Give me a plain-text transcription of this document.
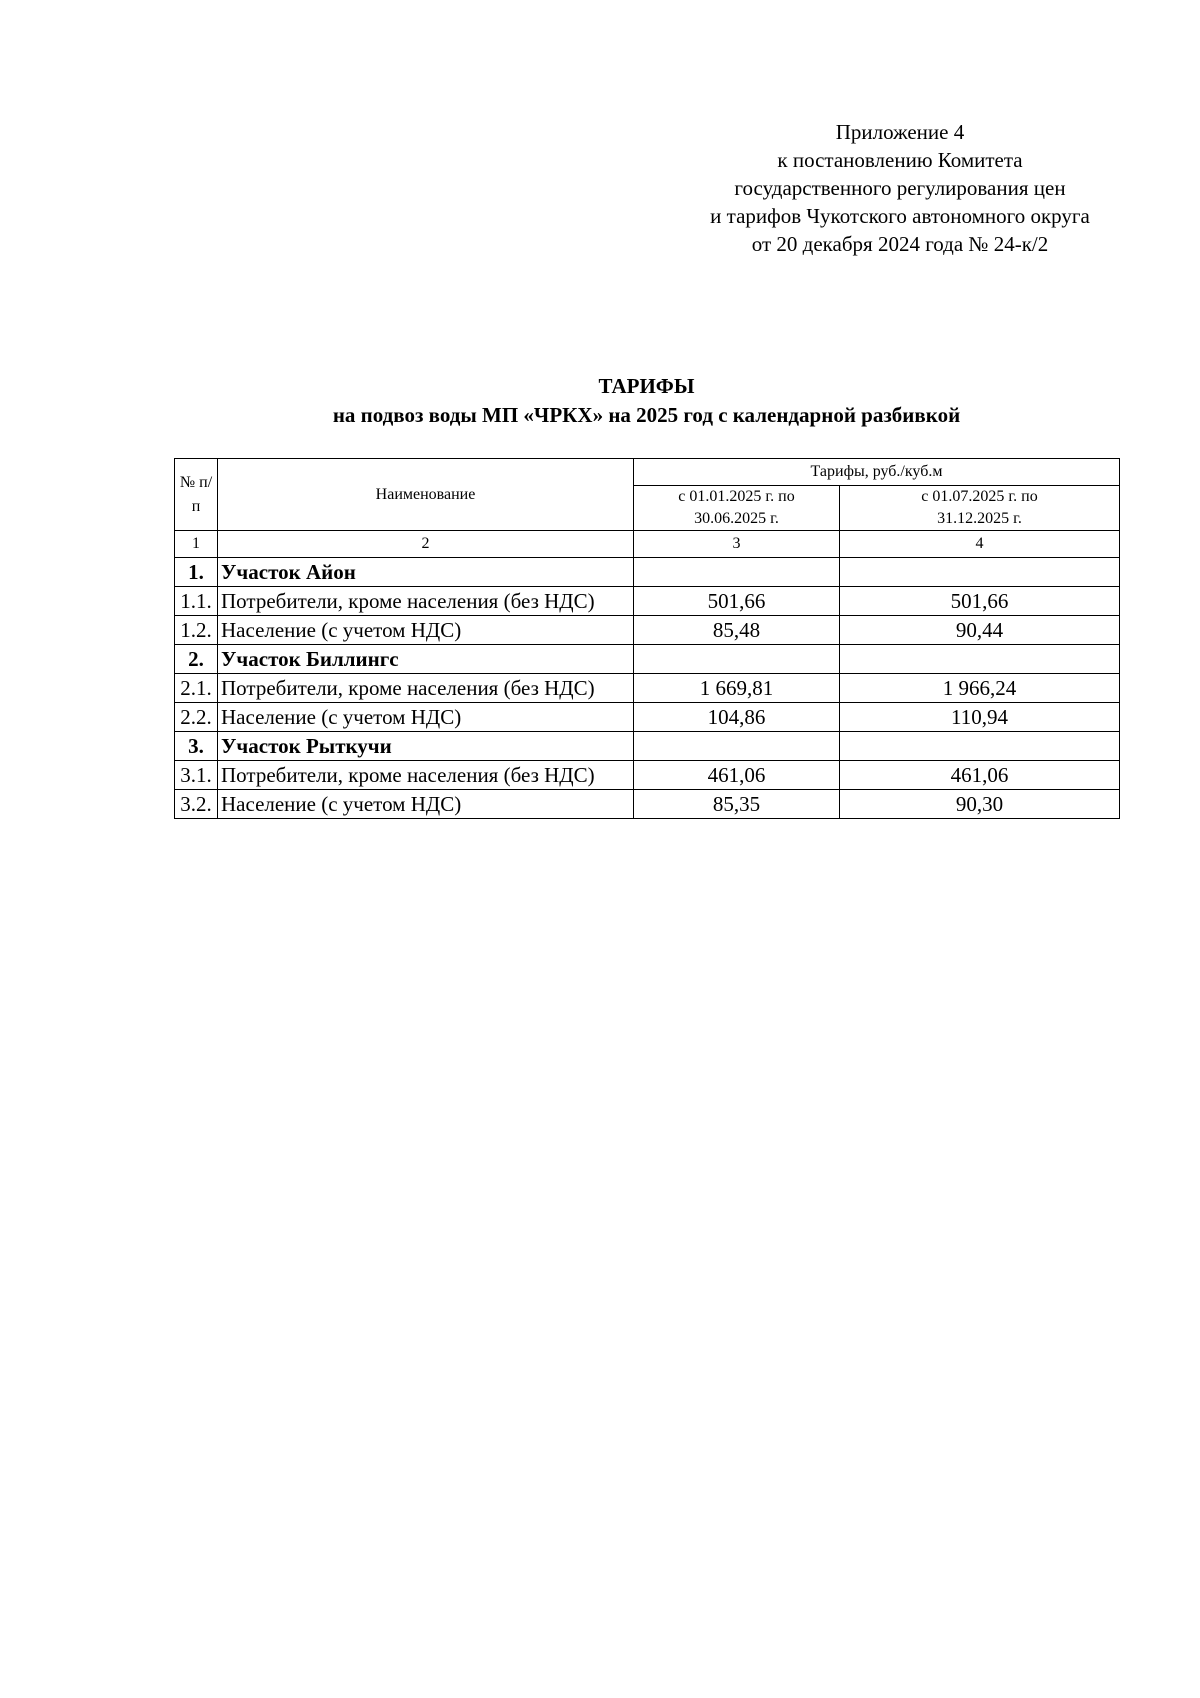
Приложение 4
к постановлению Комитета
государственного регулирования цен
и тарифов Чукотского автономного округа
от 20 декабря 2024 года № 24-к/2
ТАРИФЫ
на подвоз воды МП «ЧРКХ» на 2025 год с календарной разбивкой
№ п/п	Наименование	Тарифы, руб./куб.м	
		с 01.01.2025 г. по 30.06.2025 г.	с 01.07.2025 г. по 31.12.2025 г.
1	2	3	4
1.	Участок Айон		
1.1.	Потребители, кроме населения (без НДС)	501,66	501,66
1.2.	Население (с учетом НДС)	85,48	90,44
2.	Участок Биллингс		
2.1.	Потребители, кроме населения (без НДС)	1 669,81	1 966,24
2.2.	Население (с учетом НДС)	104,86	110,94
3.	Участок Рыткучи		
3.1.	Потребители, кроме населения (без НДС)	461,06	461,06
3.2.	Население (с учетом НДС)	85,35	90,30
